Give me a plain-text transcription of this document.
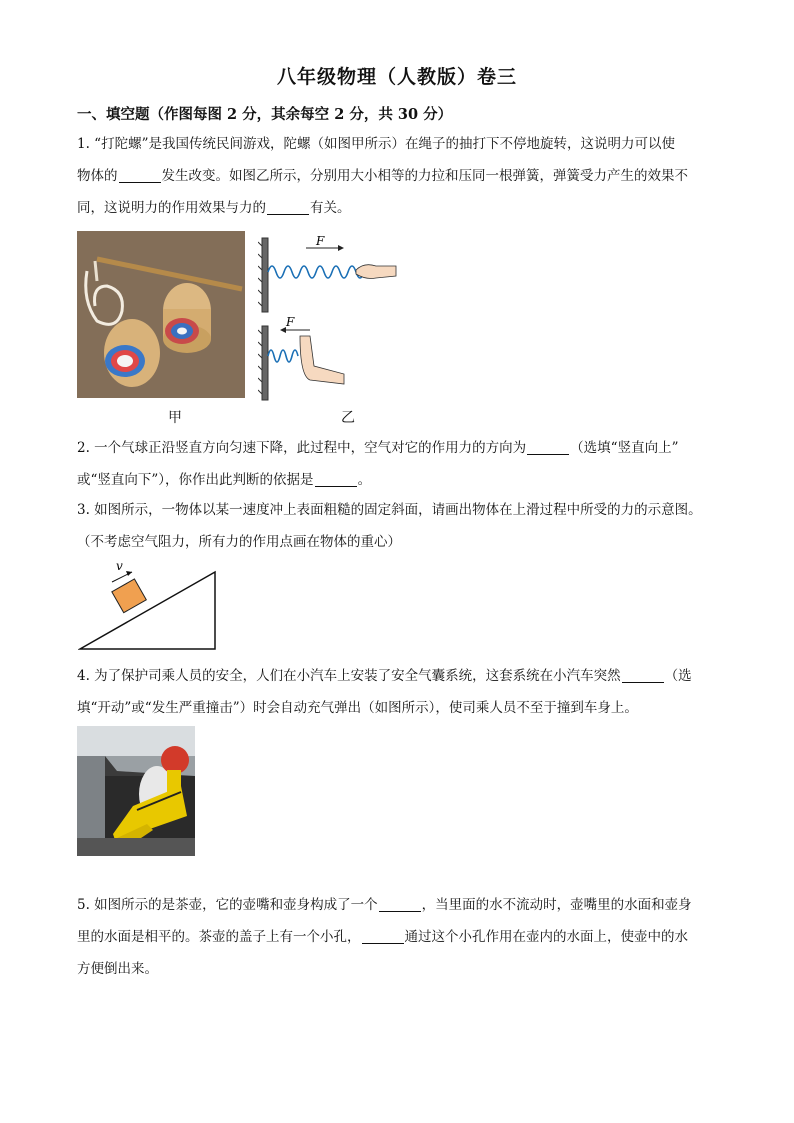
八年级物理（人教版）卷三
一、填空题（作图每图 2 分，其余每空 2 分，共 30 分）
1. “打陀螺”是我国传统民间游戏，陀螺（如图甲所示）在绳子的抽打下不停地旋转，这说明力可以使
物体的	发生改变。如图乙所示，分别用大小相等的力拉和压同一根弹簧，弹簧受力产生的效果不
同，这说明力的作用效果与力的	有关。
F
F
甲	乙
2. 一个气球正沿竖直方向匀速下降，此过程中，空气对它的作用力的方向为	（选填“竖直向上”
或“竖直向下”），你作出此判断的依据是	。
3. 如图所示，一物体以某一速度冲上表面粗糙的固定斜面，请画出物体在上滑过程中所受的力的示意图。
（不考虑空气阻力，所有力的作用点画在物体的重心）
v
4. 为了保护司乘人员的安全，人们在小汽车上安装了安全气囊系统，这套系统在小汽车突然	（选
填“开动”或“发生严重撞击”）时会自动充气弹出（如图所示），使司乘人员不至于撞到车身上。
5. 如图所示的是茶壶，它的壶嘴和壶身构成了一个	，当里面的水不流动时，壶嘴里的水面和壶身
里的水面是相平的。茶壶的盖子上有一个小孔，	通过这个小孔作用在壶内的水面上，使壶中的水
方便倒出来。
